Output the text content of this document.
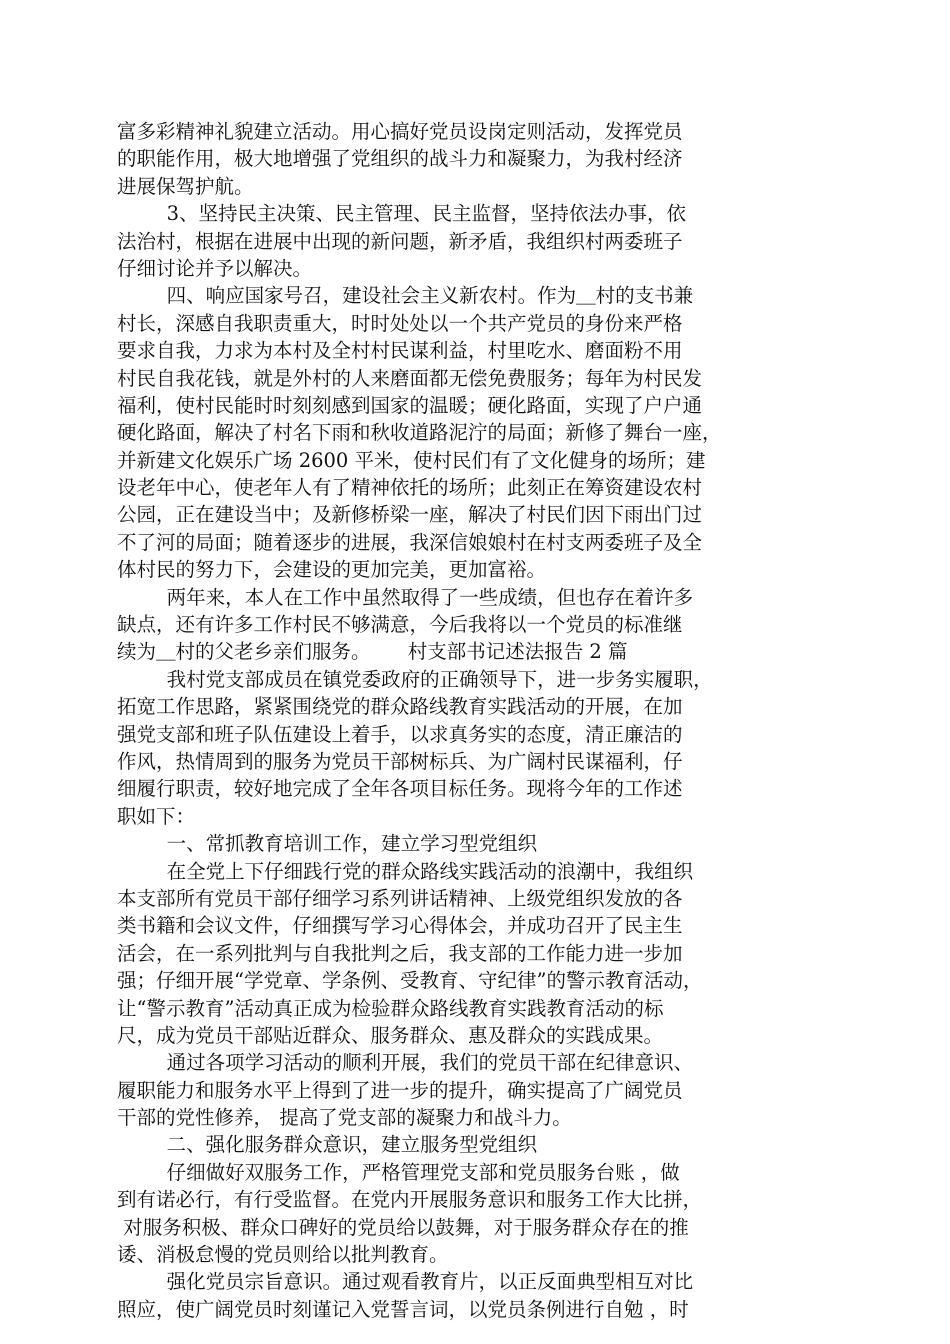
富多彩精神礼貌建立活动。用心搞好党员设岗定则活动，发挥党员
的职能作用，极大地增强了党组织的战斗力和凝聚力，为我村经济
进展保驾护航。
3、坚持民主决策、民主管理、民主监督，坚持依法办事，依
法治村，根据在进展中出现的新问题，新矛盾，我组织村两委班子
仔细讨论并予以解决。
四、响应国家号召，建设社会主义新农村。作为＿村的支书兼
村长，深感自我职责重大，时时处处以一个共产党员的身份来严格
要求自我，力求为本村及全村村民谋利益，村里吃水、磨面粉不用
村民自我花钱，就是外村的人来磨面都无偿免费服务；每年为村民发
福利，使村民能时时刻刻感到国家的温暖；硬化路面，实现了户户通
硬化路面，解决了村名下雨和秋收道路泥泞的局面；新修了舞台一座，
并新建文化娱乐广场 2600 平米，使村民们有了文化健身的场所；建
设老年中心，使老年人有了精神依托的场所；此刻正在筹资建设农村
公园，正在建设当中；及新修桥梁一座，解决了村民们因下雨出门过
不了河的局面；随着逐步的进展，我深信娘娘村在村支两委班子及全
体村民的努力下，会建设的更加完美，更加富裕。
两年来，本人在工作中虽然取得了一些成绩，但也存在着许多
缺点，还有许多工作村民不够满意，今后我将以一个党员的标准继
续为＿村的父老乡亲们服务。      村支部书记述法报告 2 篇
我村党支部成员在镇党委政府的正确领导下，进一步务实履职，
拓宽工作思路，紧紧围绕党的群众路线教育实践活动的开展，在加
强党支部和班子队伍建设上着手，以求真务实的态度，清正廉洁的
作风，热情周到的服务为党员干部树标兵、为广阔村民谋福利，仔
细履行职责，较好地完成了全年各项目标任务。现将今年的工作述
职如下：
一、常抓教育培训工作，建立学习型党组织
在全党上下仔细践行党的群众路线实践活动的浪潮中，我组织
本支部所有党员干部仔细学习系列讲话精神、上级党组织发放的各
类书籍和会议文件，仔细撰写学习心得体会，并成功召开了民主生
活会，在一系列批判与自我批判之后，我支部的工作能力进一步加
强；仔细开展“学党章、学条例、受教育、守纪律”的警示教育活动，
让“警示教育”活动真正成为检验群众路线教育实践教育活动的标
尺，成为党员干部贴近群众、服务群众、惠及群众的实践成果。
通过各项学习活动的顺利开展，我们的党员干部在纪律意识、
履职能力和服务水平上得到了进一步的提升，确实提高了广阔党员
干部的党性修养， 提高了党支部的凝聚力和战斗力。
二、强化服务群众意识，建立服务型党组织
仔细做好双服务工作，严格管理党支部和党员服务台账 ，做
到有诺必行，有行受监督。在党内开展服务意识和服务工作大比拼，
对服务积极、群众口碑好的党员给以鼓舞，对于服务群众存在的推
诿、消极怠慢的党员则给以批判教育。
强化党员宗旨意识。通过观看教育片，以正反面典型相互对比
照应，使广阔党员时刻谨记入党誓言词，以党员条例进行自勉 ，时
